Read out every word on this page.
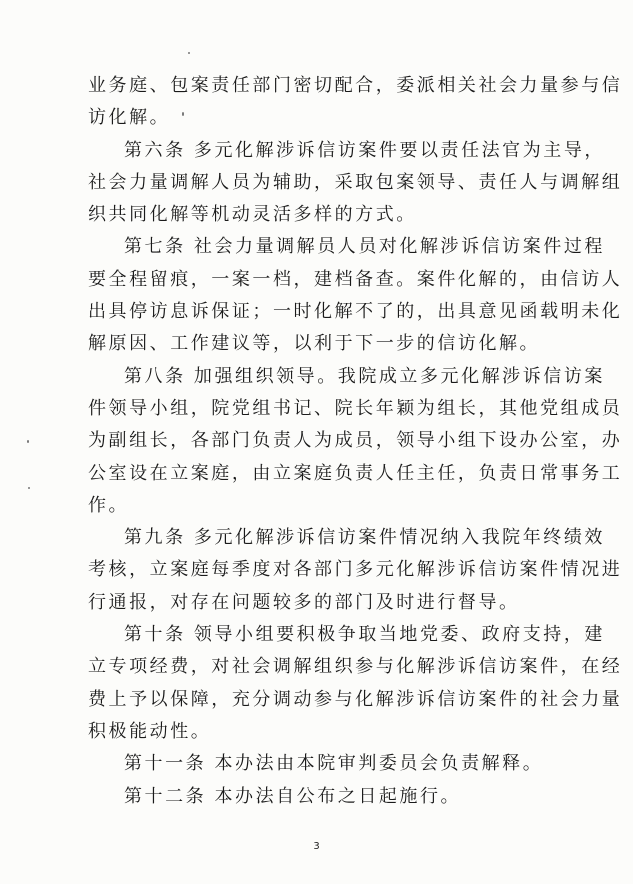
业务庭、包案责任部门密切配合，委派相关社会力量参与信
访化解。
第六条 多元化解涉诉信访案件要以责任法官为主导，
社会力量调解人员为辅助，采取包案领导、责任人与调解组
织共同化解等机动灵活多样的方式。
第七条 社会力量调解员人员对化解涉诉信访案件过程
要全程留痕，一案一档，建档备查。案件化解的，由信访人
出具停访息诉保证；一时化解不了的，出具意见函载明未化
解原因、工作建议等，以利于下一步的信访化解。
第八条 加强组织领导。我院成立多元化解涉诉信访案
件领导小组，院党组书记、院长年颖为组长，其他党组成员
为副组长，各部门负责人为成员，领导小组下设办公室，办
公室设在立案庭，由立案庭负责人任主任，负责日常事务工
作。
第九条 多元化解涉诉信访案件情况纳入我院年终绩效
考核，立案庭每季度对各部门多元化解涉诉信访案件情况进
行通报，对存在问题较多的部门及时进行督导。
第十条 领导小组要积极争取当地党委、政府支持，建
立专项经费，对社会调解组织参与化解涉诉信访案件，在经
费上予以保障，充分调动参与化解涉诉信访案件的社会力量
积极能动性。
第十一条 本办法由本院审判委员会负责解释。
第十二条 本办法自公布之日起施行。
3
